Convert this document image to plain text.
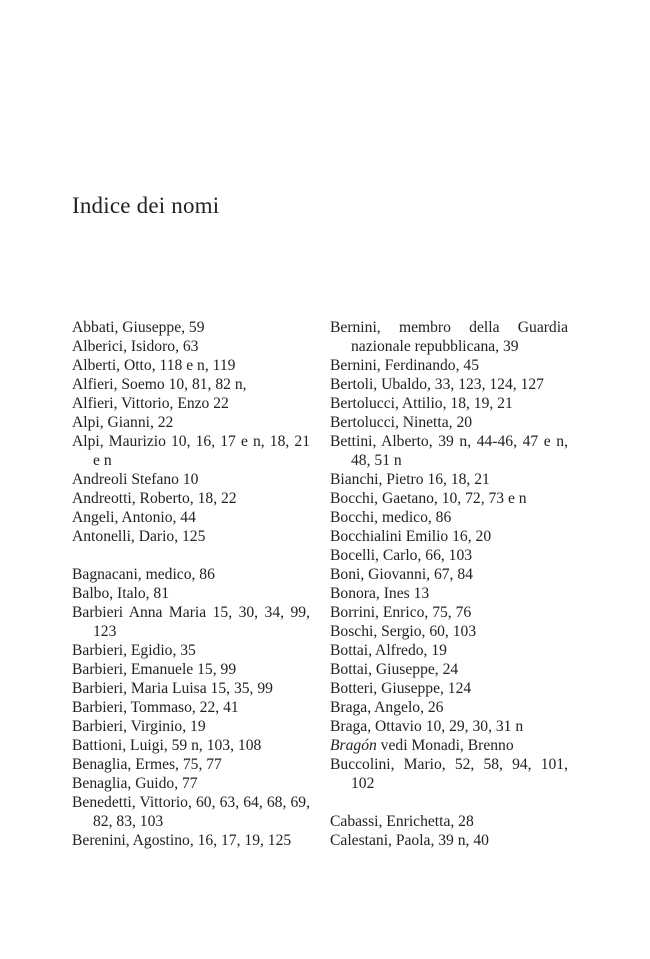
Indice dei nomi
Abbati, Giuseppe, 59
Alberici, Isidoro, 63
Alberti, Otto, 118 e n, 119
Alfieri, Soemo 10, 81, 82 n,
Alfieri, Vittorio, Enzo 22
Alpi, Gianni, 22
Alpi, Maurizio 10, 16, 17 e n, 18, 21 e n
Andreoli Stefano 10
Andreotti, Roberto, 18, 22
Angeli, Antonio, 44
Antonelli, Dario, 125
Bagnacani, medico, 86
Balbo, Italo, 81
Barbieri Anna Maria 15, 30, 34, 99, 123
Barbieri, Egidio, 35
Barbieri, Emanuele 15, 99
Barbieri, Maria Luisa 15, 35, 99
Barbieri, Tommaso, 22, 41
Barbieri, Virginio, 19
Battioni, Luigi, 59 n, 103, 108
Benaglia, Ermes, 75, 77
Benaglia, Guido, 77
Benedetti, Vittorio, 60, 63, 64, 68, 69, 82, 83, 103
Berenini, Agostino, 16, 17, 19, 125
Bernini, membro della Guardia nazionale repubblicana, 39
Bernini, Ferdinando, 45
Bertoli, Ubaldo, 33, 123, 124, 127
Bertolucci, Attilio, 18, 19, 21
Bertolucci, Ninetta, 20
Bettini, Alberto, 39 n, 44-46, 47 e n, 48, 51 n
Bianchi, Pietro 16, 18, 21
Bocchi, Gaetano, 10, 72, 73 e n
Bocchi, medico, 86
Bocchialini Emilio 16, 20
Bocelli, Carlo, 66, 103
Boni, Giovanni, 67, 84
Bonora, Ines 13
Borrini, Enrico, 75, 76
Boschi, Sergio, 60, 103
Bottai, Alfredo, 19
Bottai, Giuseppe, 24
Botteri, Giuseppe, 124
Braga, Angelo, 26
Braga, Ottavio 10, 29, 30, 31 n
Bragón vedi Monadi, Brenno
Buccolini, Mario, 52, 58, 94, 101, 102
Cabassi, Enrichetta, 28
Calestani, Paola, 39 n, 40
